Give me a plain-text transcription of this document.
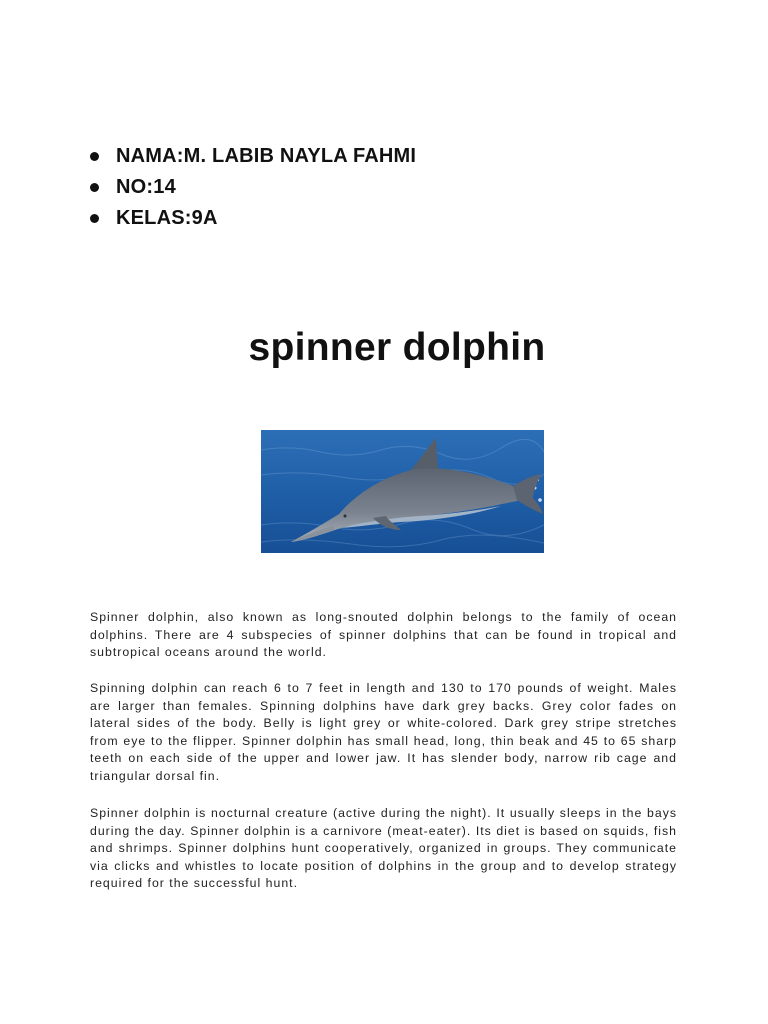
NAMA:M. LABIB NAYLA FAHMI
NO:14
KELAS:9A
spinner dolphin

Spinner dolphin, also known as long-snouted dolphin belongs to the family of ocean dolphins. There are 4 subspecies of spinner dolphins that can be found in tropical and subtropical oceans around the world.

Spinning dolphin can reach 6 to 7 feet in length and 130 to 170 pounds of weight. Males are larger than females. Spinning dolphins have dark grey backs. Grey color fades on lateral sides of the body. Belly is light grey or white-colored. Dark grey stripe stretches from eye to the flipper. Spinner dolphin has small head, long, thin beak and 45 to 65 sharp teeth on each side of the upper and lower jaw. It has slender body, narrow rib cage and triangular dorsal fin.

Spinner dolphin is nocturnal creature (active during the night). It usually sleeps in the bays during the day. Spinner dolphin is a carnivore (meat-eater). Its diet is based on squids, fish and shrimps. Spinner dolphins hunt cooperatively, organized in groups. They communicate via clicks and whistles to locate position of dolphins in the group and to develop strategy required for the successful hunt.
